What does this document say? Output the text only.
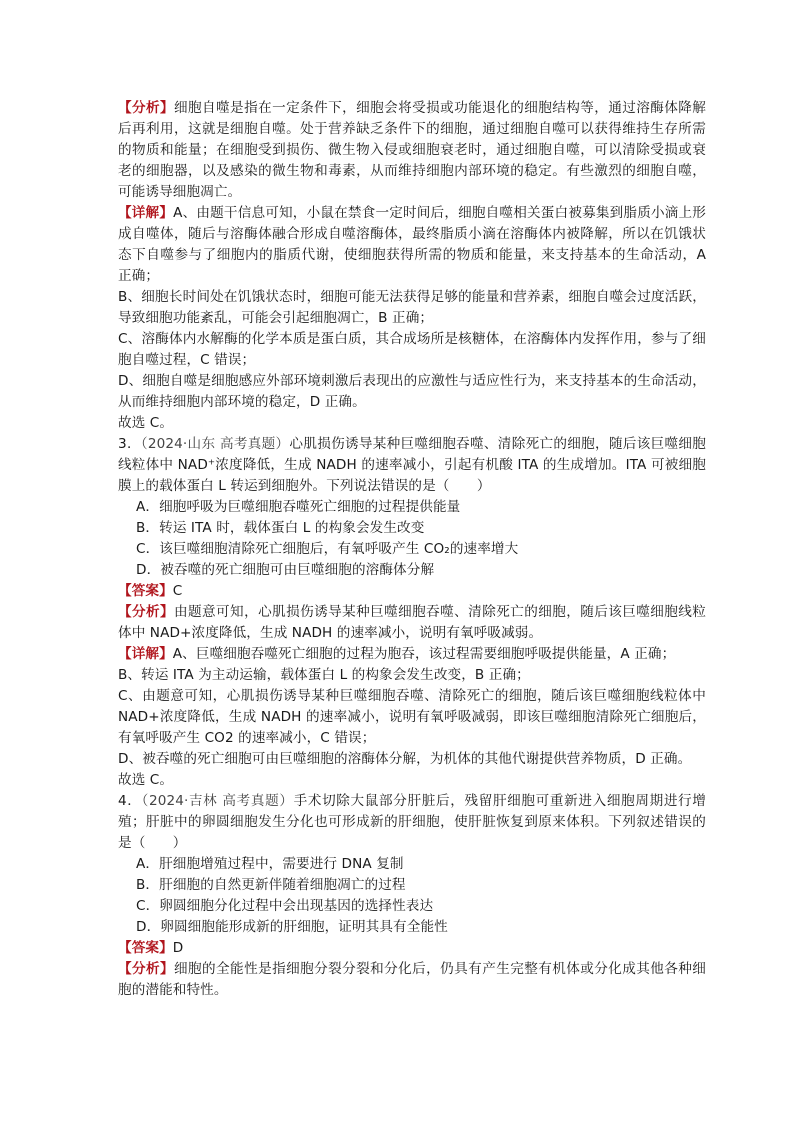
【分析】细胞自噬是指在一定条件下，细胞会将受损或功能退化的细胞结构等，通过溶酶体降解后再利用，这就是细胞自噬。处于营养缺乏条件下的细胞，通过细胞自噬可以获得维持生存所需的物质和能量；在细胞受到损伤、微生物入侵或细胞衰老时，通过细胞自噬，可以清除受损或衰老的细胞器，以及感染的微生物和毒素，从而维持细胞内部环境的稳定。有些激烈的细胞自噬，可能诱导细胞凋亡。

【详解】A、由题干信息可知，小鼠在禁食一定时间后，细胞自噬相关蛋白被募集到脂质小滴上形成自噬体，随后与溶酶体融合形成自噬溶酶体，最终脂质小滴在溶酶体内被降解，所以在饥饿状态下自噬参与了细胞内的脂质代谢，使细胞获得所需的物质和能量，来支持基本的生命活动，A 正确；

B、细胞长时间处在饥饿状态时，细胞可能无法获得足够的能量和营养素，细胞自噬会过度活跃，导致细胞功能紊乱，可能会引起细胞凋亡，B 正确；

C、溶酶体内水解酶的化学本质是蛋白质，其合成场所是核糖体，在溶酶体内发挥作用，参与了细胞自噬过程，C 错误；

D、细胞自噬是细胞感应外部环境刺激后表现出的应激性与适应性行为，来支持基本的生命活动，从而维持细胞内部环境的稳定，D 正确。

故选 C。

3．（2024·山东 高考真题）心肌损伤诱导某种巨噬细胞吞噬、清除死亡的细胞，随后该巨噬细胞线粒体中 NAD⁺浓度降低，生成 NADH 的速率减小，引起有机酸 ITA 的生成增加。ITA 可被细胞膜上的载体蛋白 L 转运到细胞外。下列说法错误的是（　　）

A．细胞呼吸为巨噬细胞吞噬死亡细胞的过程提供能量

B．转运 ITA 时，载体蛋白 L 的构象会发生改变

C．该巨噬细胞清除死亡细胞后，有氧呼吸产生 CO₂的速率增大

D．被吞噬的死亡细胞可由巨噬细胞的溶酶体分解

【答案】C

【分析】由题意可知，心肌损伤诱导某种巨噬细胞吞噬、清除死亡的细胞，随后该巨噬细胞线粒体中 NAD+浓度降低，生成 NADH 的速率减小，说明有氧呼吸减弱。

【详解】A、巨噬细胞吞噬死亡细胞的过程为胞吞，该过程需要细胞呼吸提供能量，A 正确；

B、转运 ITA 为主动运输，载体蛋白 L 的构象会发生改变，B 正确；

C、由题意可知，心肌损伤诱导某种巨噬细胞吞噬、清除死亡的细胞，随后该巨噬细胞线粒体中 NAD+浓度降低，生成 NADH 的速率减小，说明有氧呼吸减弱，即该巨噬细胞清除死亡细胞后，有氧呼吸产生 CO2 的速率减小，C 错误；

D、被吞噬的死亡细胞可由巨噬细胞的溶酶体分解，为机体的其他代谢提供营养物质，D 正确。

故选 C。

4．（2024·吉林 高考真题）手术切除大鼠部分肝脏后，残留肝细胞可重新进入细胞周期进行增殖；肝脏中的卵圆细胞发生分化也可形成新的肝细胞，使肝脏恢复到原来体积。下列叙述错误的是（　　）

A．肝细胞增殖过程中，需要进行 DNA 复制

B．肝细胞的自然更新伴随着细胞凋亡的过程

C．卵圆细胞分化过程中会出现基因的选择性表达

D．卵圆细胞能形成新的肝细胞，证明其具有全能性

【答案】D

【分析】细胞的全能性是指细胞分裂分裂和分化后，仍具有产生完整有机体或分化成其他各种细胞的潜能和特性。
